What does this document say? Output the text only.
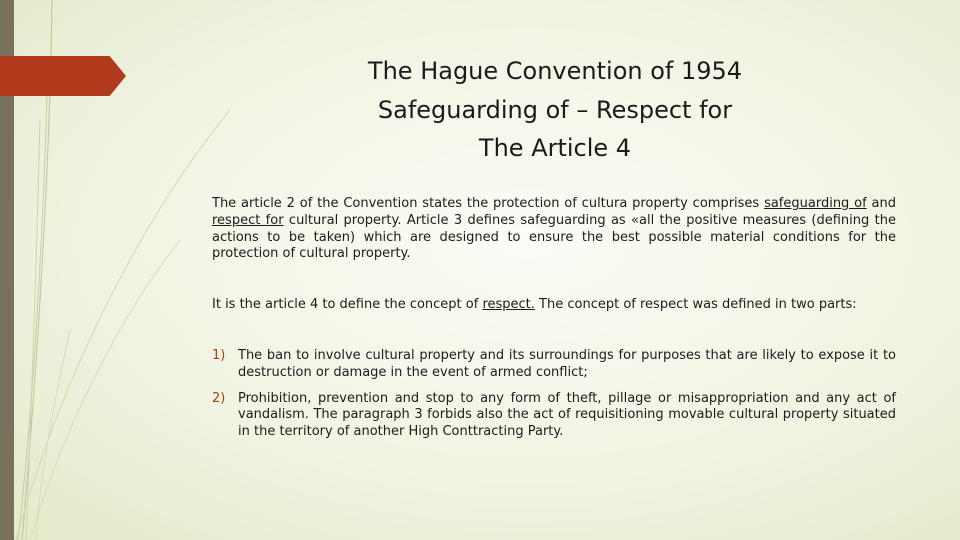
The Hague Convention of 1954
Safeguarding of – Respect for
The Article 4

The article 2 of the Convention states the protection of cultura property comprises safeguarding of and respect for cultural property. Article 3 defines safeguarding as «all the positive measures (defining the actions to be taken) which are designed to ensure the best possible material conditions for the protection of cultural property.

It is the article 4 to define the concept of respect. The concept of respect was defined in two parts:

1) The ban to involve cultural property and its surroundings for purposes that are likely to expose it to destruction or damage in the event of armed conflict;
2) Prohibition, prevention and stop to any form of theft, pillage or misappropriation and any act of vandalism. The paragraph 3 forbids also the act of requisitioning movable cultural property situated in the territory of another High Conttracting Party.
